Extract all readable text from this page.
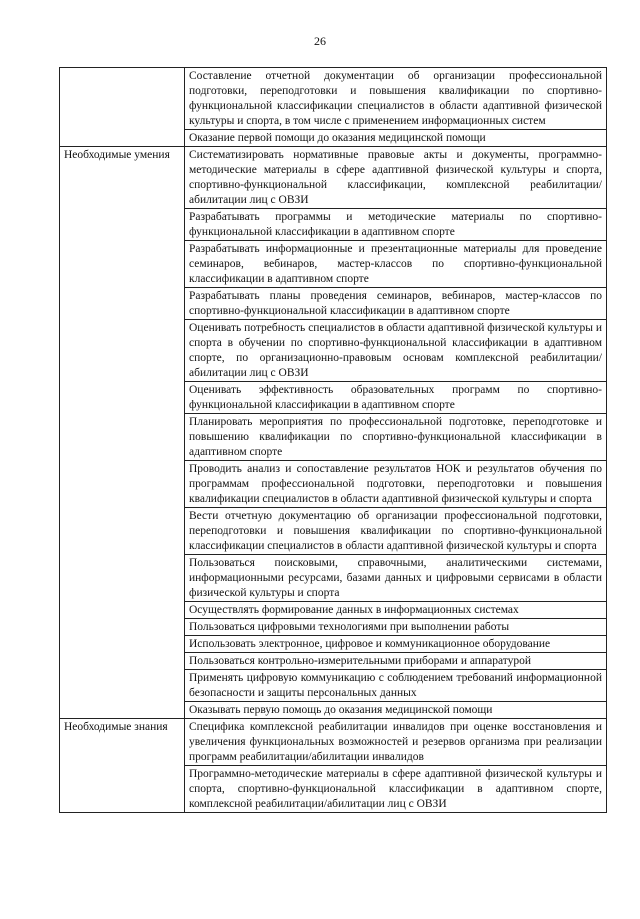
26
	Составление отчетной документации об организации профессиональной подготовки, переподготовки и повышения квалификации по спортивно-функциональной классификации специалистов в области адаптивной физической культуры и спорта, в том числе с применением информационных систем
	Оказание первой помощи до оказания медицинской помощи
Необходимые умения	Систематизировать нормативные правовые акты и документы, программно-методические материалы в сфере адаптивной физической культуры и спорта, спортивно-функциональной классификации, комплексной реабилитации/ абилитации лиц с ОВЗИ
	Разрабатывать программы и методические материалы по спортивно-функциональной классификации в адаптивном спорте
	Разрабатывать информационные и презентационные материалы для проведение семинаров, вебинаров, мастер-классов по спортивно-функциональной классификации в адаптивном спорте
	Разрабатывать планы проведения семинаров, вебинаров, мастер-классов по спортивно-функциональной классификации в адаптивном спорте
	Оценивать потребность специалистов в области адаптивной физической культуры и спорта в обучении по спортивно-функциональной классификации в адаптивном спорте, по организационно-правовым основам комплексной реабилитации/абилитации лиц с ОВЗИ
	Оценивать эффективность образовательных программ по спортивно-функциональной классификации в адаптивном спорте
	Планировать мероприятия по профессиональной подготовке, переподготовке и повышению квалификации по спортивно-функциональной классификации в адаптивном спорте
	Проводить анализ и сопоставление результатов НОК и результатов обучения по программам профессиональной подготовки, переподготовки и повышения квалификации специалистов в области адаптивной физической культуры и спорта
	Вести отчетную документацию об организации профессиональной подготовки, переподготовки и повышения квалификации по спортивно-функциональной классификации специалистов в области адаптивной физической культуры и спорта
	Пользоваться поисковыми, справочными, аналитическими системами, информационными ресурсами, базами данных и цифровыми сервисами в области физической культуры и спорта
	Осуществлять формирование данных в информационных системах
	Пользоваться цифровыми технологиями при выполнении работы
	Использовать электронное, цифровое и коммуникационное оборудование
	Пользоваться контрольно-измерительными приборами и аппаратурой
	Применять цифровую коммуникацию с соблюдением требований информационной безопасности и защиты персональных данных
	Оказывать первую помощь до оказания медицинской помощи
Необходимые знания	Специфика комплексной реабилитации инвалидов при оценке восстановления и увеличения функциональных возможностей и резервов организма при реализации программ реабилитации/абилитации инвалидов
	Программно-методические материалы в сфере адаптивной физической культуры и спорта, спортивно-функциональной классификации в адаптивном спорте, комплексной реабилитации/абилитации лиц с ОВЗИ
